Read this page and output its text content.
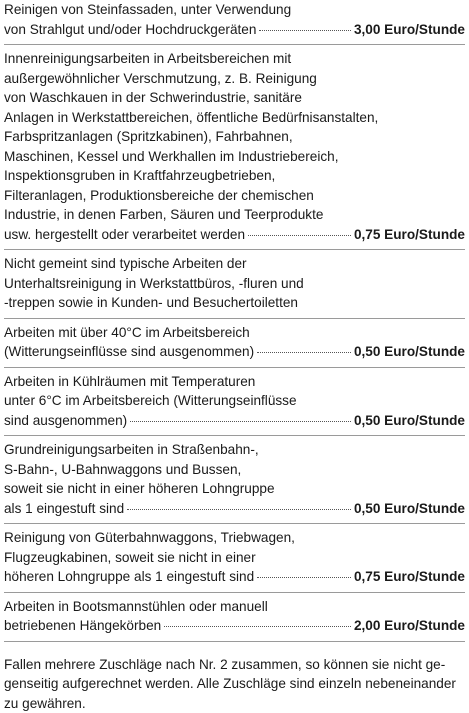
Reinigen von Steinfassaden, unter Verwendung
von Strahlgut und/oder Hochdruckgeräten	3,00 Euro/Stunde
Innenreinigungsarbeiten in Arbeitsbereichen mit
außergewöhnlicher Verschmutzung, z. B. Reinigung
von Waschkauen in der Schwerindustrie, sanitäre
Anlagen in Werkstattbereichen, öffentliche Bedürfnisanstalten,
Farbspritzanlagen (Spritzkabinen), Fahrbahnen,
Maschinen, Kessel und Werkhallen im Industriebereich,
Inspektionsgruben in Kraftfahrzeugbetrieben,
Filteranlagen, Produktionsbereiche der chemischen
Industrie, in denen Farben, Säuren und Teerprodukte
usw. hergestellt oder verarbeitet werden	0,75 Euro/Stunde
Nicht gemeint sind typische Arbeiten der
Unterhaltsreinigung in Werkstattbüros, -fluren und
-treppen sowie in Kunden- und Besuchertoiletten
Arbeiten mit über 40°C im Arbeitsbereich
(Witterungseinflüsse sind ausgenommen)	0,50 Euro/Stunde
Arbeiten in Kühlräumen mit Temperaturen
unter 6°C im Arbeitsbereich (Witterungseinflüsse
sind ausgenommen)	0,50 Euro/Stunde
Grundreinigungsarbeiten in Straßenbahn-,
S-Bahn-, U-Bahnwaggons und Bussen,
soweit sie nicht in einer höheren Lohngruppe
als 1 eingestuft sind	0,50 Euro/Stunde
Reinigung von Güterbahnwaggons, Triebwagen,
Flugzeugkabinen, soweit sie nicht in einer
höheren Lohngruppe als 1 eingestuft sind	0,75 Euro/Stunde
Arbeiten in Bootsmannstühlen oder manuell
betriebenen Hängekörben	2,00 Euro/Stunde
Fallen mehrere Zuschläge nach Nr. 2 zusammen, so können sie nicht ge-
genseitig aufgerechnet werden. Alle Zuschläge sind einzeln nebeneinander
zu gewähren.
